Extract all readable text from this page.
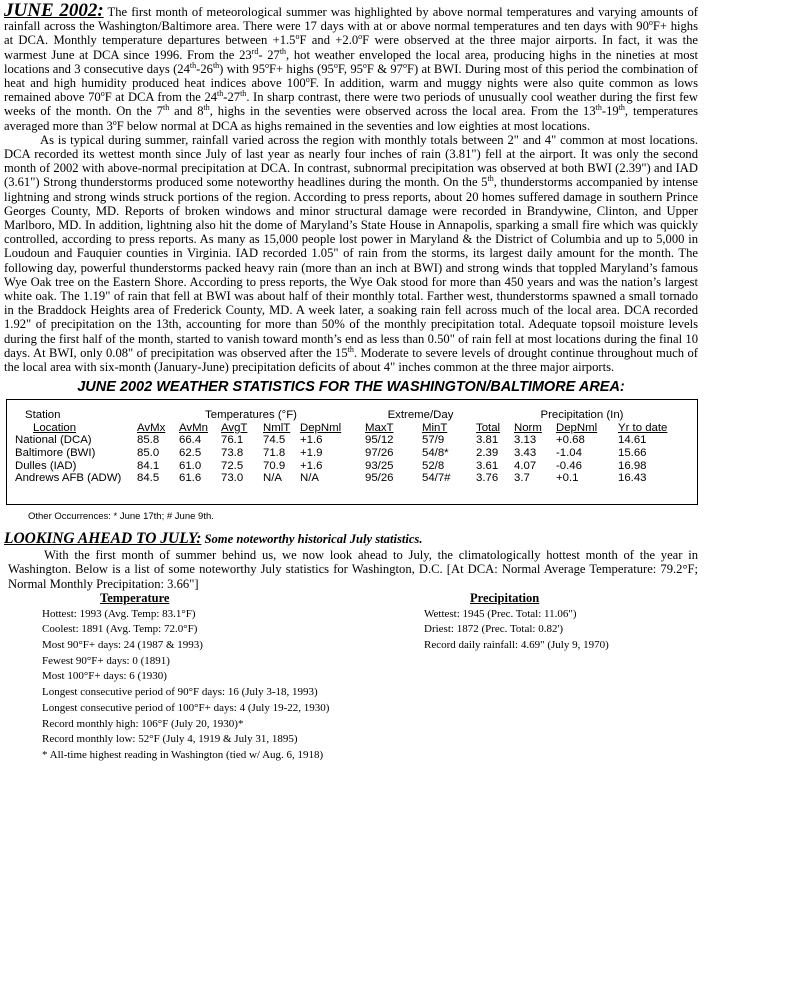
JUNE 2002: The first month of meteorological summer was highlighted by above normal temperatures and varying amounts of rainfall across the Washington/Baltimore area. There were 17 days with at or above normal temperatures and ten days with $90^oF+$ highs at DCA. Monthly temperature departures between $+1.5^oF$ and $+2.0^oF$ were observed at the three major airports. In fact, it was the warmest June at DCA since 1996. From the 23rd- 27th, hot weather enveloped the local area, producing highs in the nineties at most locations and 3 consecutive days (24th-26th) with $95^oF+$ highs (95$^o$F, 95$^o$F & 97$^o$F) at BWI. During most of this period the combination of heat and high humidity produced heat indices above 100$^o$F. In addition, warm and muggy nights were also quite common as lows remained above 70$^o$F at DCA from the 24th-27th. In sharp contrast, there were two periods of unusually cool weather during the first few weeks of the month. On the 7th and 8th, highs in the seventies were observed across the local area. From the 13th-19th, temperatures averaged more than 3$^o$F below normal at DCA as highs remained in the seventies and low eighties at most locations.

As is typical during summer, rainfall varied across the region with monthly totals between 2" and 4" common at most locations. DCA recorded its wettest month since July of last year as nearly four inches of rain (3.81") fell at the airport. It was only the second month of 2002 with above-normal precipitation at DCA. In contrast, subnormal precipitation was observed at both BWI (2.39") and IAD (3.61") Strong thunderstorms produced some noteworthy headlines during the month. On the 5th, thunderstorms accompanied by intense lightning and strong winds struck portions of the region. According to press reports, about 20 homes suffered damage in southern Prince Georges County, MD. Reports of broken windows and minor structural damage were recorded in Brandywine, Clinton, and Upper Marlboro, MD. In addition, lightning also hit the dome of Maryland’s State House in Annapolis, sparking a small fire which was quickly controlled, according to press reports. As many as 15,000 people lost power in Maryland & the District of Columbia and up to 5,000 in Loudoun and Fauquier counties in Virginia. IAD recorded 1.05" of rain from the storms, its largest daily amount for the month. The following day, powerful thunderstorms packed heavy rain (more than an inch at BWI) and strong winds that toppled Maryland’s famous Wye Oak tree on the Eastern Shore. According to press reports, the Wye Oak stood for more than 450 years and was the nation’s largest white oak. The 1.19" of rain that fell at BWI was about half of their monthly total. Farther west, thunderstorms spawned a small tornado in the Braddock Heights area of Frederick County, MD. A week later, a soaking rain fell across much of the local area. DCA recorded 1.92" of precipitation on the 13th, accounting for more than 50% of the monthly precipitation total. Adequate topsoil moisture levels during the first half of the month, started to vanish toward month’s end as less than 0.50" of rain fell at most locations during the final 10 days. At BWI, only 0.08" of precipitation was observed after the 15th. Moderate to severe levels of drought continue throughout much of the local area with six-month (January-June) precipitation deficits of about 4" inches common at the three major airports.

JUNE 2002 WEATHER STATISTICS FOR THE WASHINGTON/BALTIMORE AREA:
Station	Temperatures (°F)					Extreme/Day		Precipitation (In)			
Location	AvMx	AvMn	AvgT	NmlT	DepNml	MaxT	MinT	Total	Norm	DepNml	Yr to date
National (DCA)	85.8	66.4	76.1	74.5	+1.6	95/12	57/9	3.81	3.13	+0.68	14.61
Baltimore (BWI)	85.0	62.5	73.8	71.8	+1.9	97/26	54/8*	2.39	3.43	-1.04	15.66
Dulles (IAD)	84.1	61.0	72.5	70.9	+1.6	93/25	52/8	3.61	4.07	-0.46	16.98
Andrews AFB (ADW)	84.5	61.6	73.0	N/A	N/A	95/26	54/7#	3.76	3.7	+0.1	16.43
Other Occurrences: * June 17th; # June 9th.
LOOKING AHEAD TO JULY: Some noteworthy historical July statistics.

With the first month of summer behind us, we now look ahead to July, the climatologically hottest month of the year in Washington. Below is a list of some noteworthy July statistics for Washington, D.C. [At DCA: Normal Average Temperature: 79.2°F; Normal Monthly Precipitation: 3.66"]

Temperature
Hottest: 1993 (Avg. Temp: 83.1°F)
Coolest: 1891 (Avg. Temp: 72.0°F)
Most 90°F+ days: 24 (1987 & 1993)
Fewest 90°F+ days: 0 (1891)
Most 100°F+ days: 6 (1930)
Longest consecutive period of 90°F days: 16 (July 3-18, 1993)
Longest consecutive period of 100°F+ days: 4 (July 19-22, 1930)
Record monthly high: 106°F (July 20, 1930)*
Record monthly low: 52°F (July 4, 1919 & July 31, 1895)
* All-time highest reading in Washington (tied w/ Aug. 6, 1918)
Precipitation
Wettest: 1945 (Prec. Total: 11.06")
Driest: 1872 (Prec. Total: 0.82')
Record daily rainfall: 4.69" (July 9, 1970)
